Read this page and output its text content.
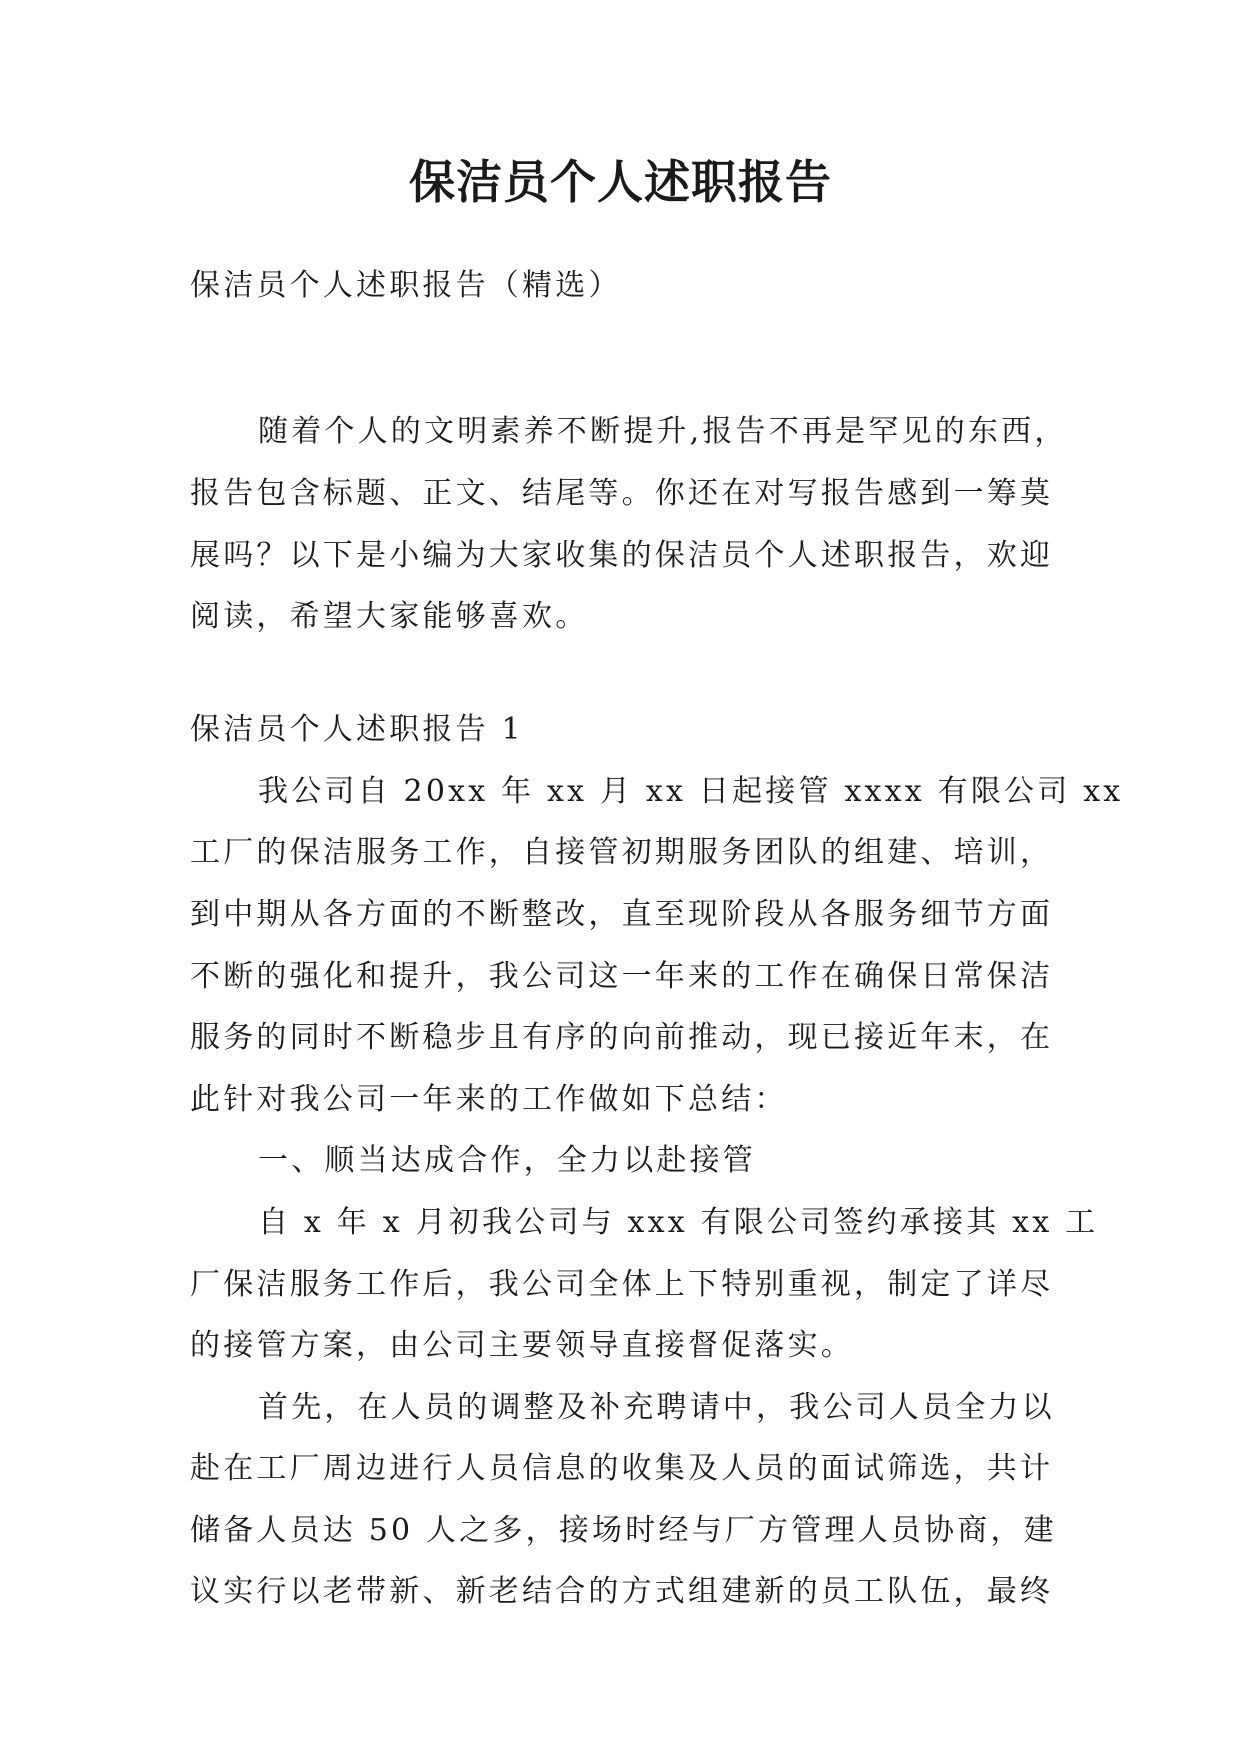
保洁员个人述职报告
保洁员个人述职报告（精选）
随着个人的文明素养不断提升,报告不再是罕见的东西，
报告包含标题、正文、结尾等。你还在对写报告感到一筹莫
展吗？以下是小编为大家收集的保洁员个人述职报告，欢迎
阅读，希望大家能够喜欢。
保洁员个人述职报告 1
我公司自 20xx 年 xx 月 xx 日起接管 xxxx 有限公司 xx
工厂的保洁服务工作，自接管初期服务团队的组建、培训，
到中期从各方面的不断整改，直至现阶段从各服务细节方面
不断的强化和提升，我公司这一年来的工作在确保日常保洁
服务的同时不断稳步且有序的向前推动，现已接近年末，在
此针对我公司一年来的工作做如下总结：
一、顺当达成合作，全力以赴接管
自 x 年 x 月初我公司与 xxx 有限公司签约承接其 xx 工
厂保洁服务工作后，我公司全体上下特别重视，制定了详尽
的接管方案，由公司主要领导直接督促落实。
首先，在人员的调整及补充聘请中，我公司人员全力以
赴在工厂周边进行人员信息的收集及人员的面试筛选，共计
储备人员达 50 人之多，接场时经与厂方管理人员协商，建
议实行以老带新、新老结合的方式组建新的员工队伍，最终
